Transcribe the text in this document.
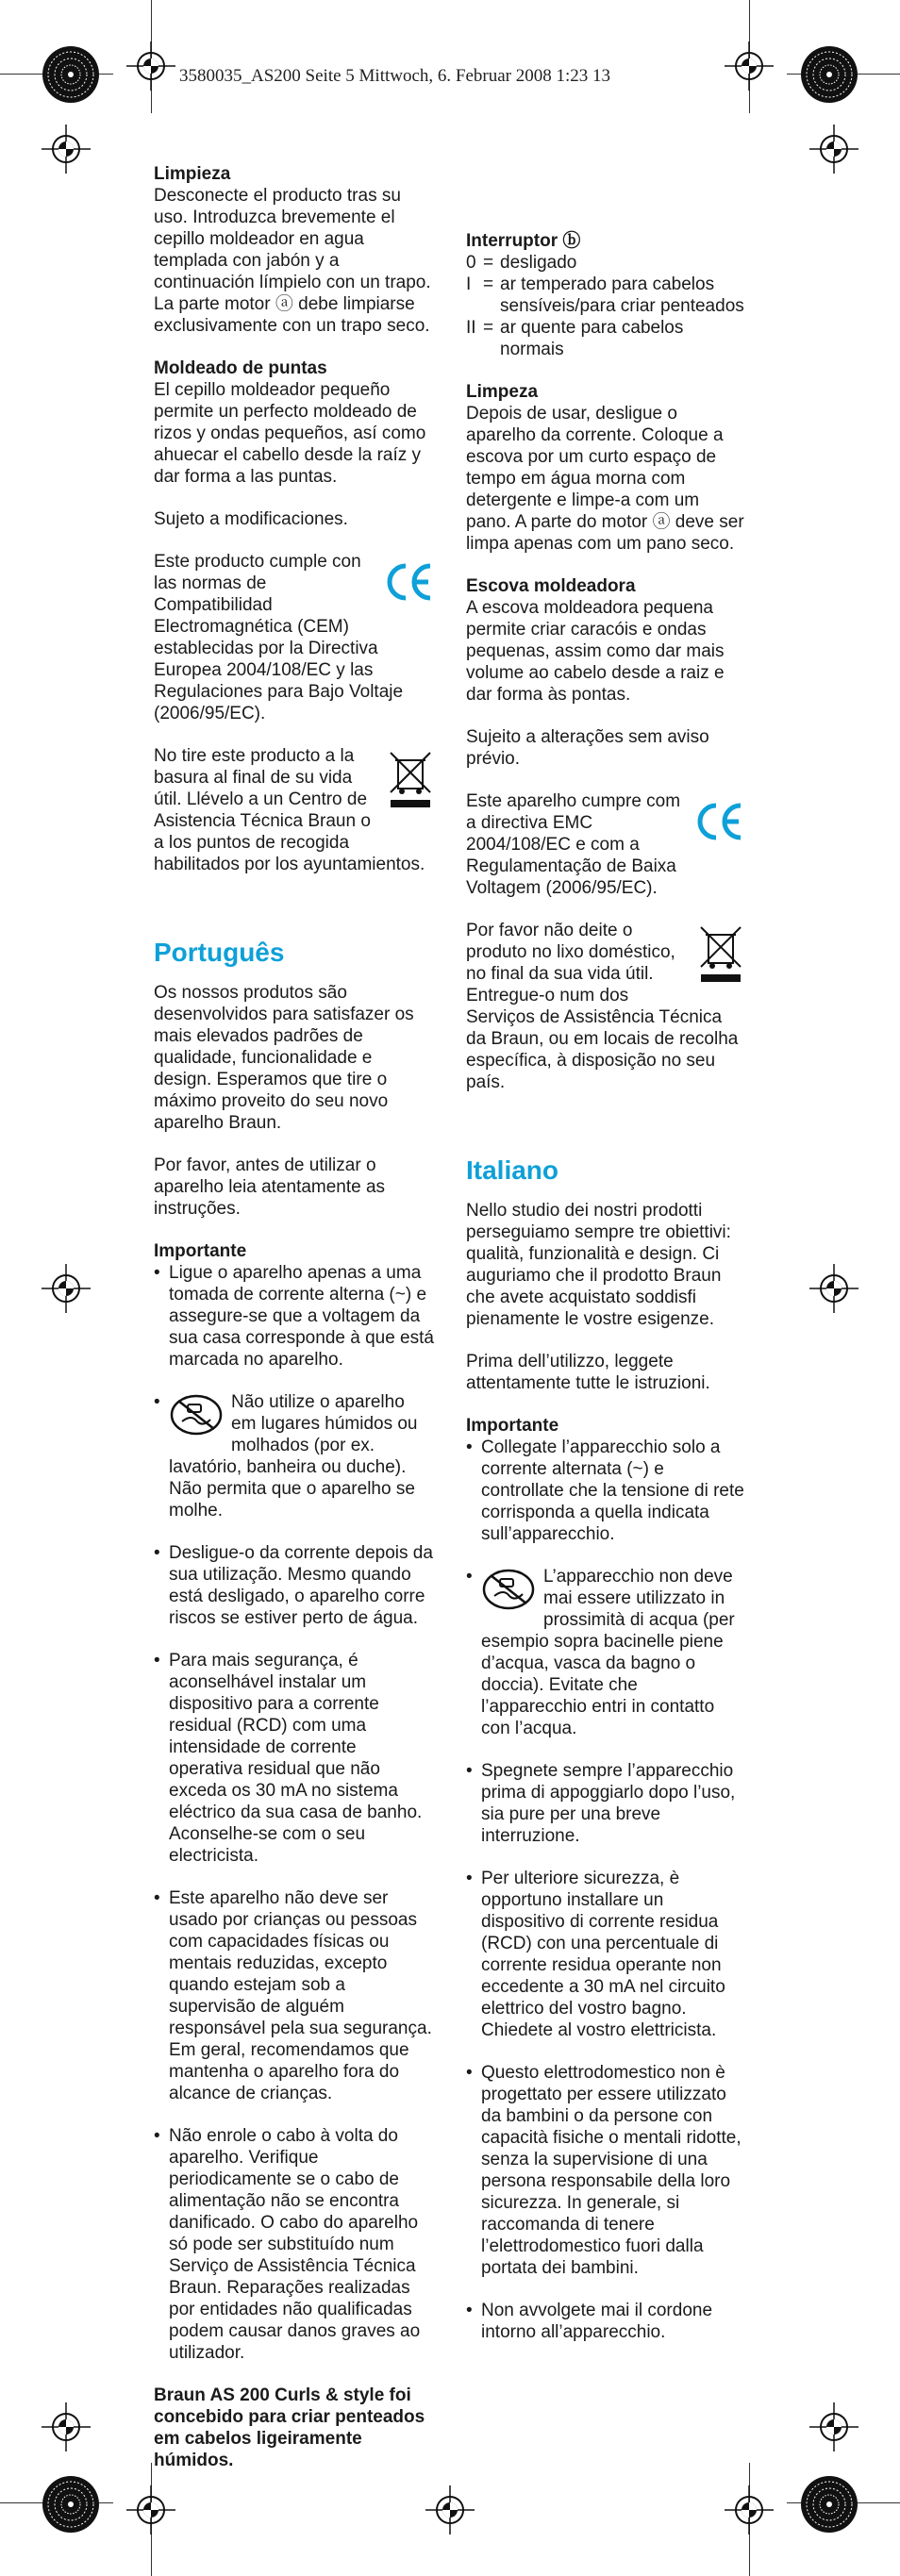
3580035_AS200 Seite 5 Mittwoch, 6. Februar 2008 1:23 13

Limpieza
Desconecte el producto tras su uso. Introduzca brevemente el cepillo moldeador en agua templada con jabón y a continuación límpielo con un trapo. La parte motor ⓐ debe limpiarse exclusivamente con un trapo seco.

Moldeado de puntas
El cepillo moldeador pequeño permite un perfecto moldeado de rizos y ondas pequeños, así como ahuecar el cabello desde la raíz y dar forma a las puntas.

Sujeto a modificaciones.

Este producto cumple con las normas de Compatibilidad Electromagnética (CEM) establecidas por la Directiva Europea 2004/108/EC y las Regulaciones para Bajo Voltaje (2006/95/EC).

No tire este producto a la basura al final de su vida útil. Llévelo a un Centro de Asistencia Técnica Braun o a los puntos de recogida habilitados por los ayuntamientos.

Português

Os nossos produtos são desenvolvidos para satisfazer os mais elevados padrões de qualidade, funcionalidade e design. Esperamos que tire o máximo proveito do seu novo aparelho Braun.

Por favor, antes de utilizar o aparelho leia atentamente as instruções.

Importante
• Ligue o aparelho apenas a uma tomada de corrente alterna (~) e assegure-se que a voltagem da sua casa corresponde à que está marcada no aparelho.
• Não utilize o aparelho em lugares húmidos ou molhados (por ex. lavatório, banheira ou duche). Não permita que o aparelho se molhe.
• Desligue-o da corrente depois da sua utilização. Mesmo quando está desligado, o aparelho corre riscos se estiver perto de água.
• Para mais segurança, é aconselhável instalar um dispositivo para a corrente residual (RCD) com uma intensidade de corrente operativa residual que não exceda os 30 mA no sistema eléctrico da sua casa de banho. Aconselhe-se com o seu electricista.
• Este aparelho não deve ser usado por crianças ou pessoas com capacidades físicas ou mentais reduzidas, excepto quando estejam sob a supervisão de alguém responsável pela sua segurança. Em geral, recomendamos que mantenha o aparelho fora do alcance de crianças.
• Não enrole o cabo à volta do aparelho. Verifique periodicamente se o cabo de alimentação não se encontra danificado. O cabo do aparelho só pode ser substituído num Serviço de Assistência Técnica Braun. Reparações realizadas por entidades não qualificadas podem causar danos graves ao utilizador.

Braun AS 200 Curls & style foi concebido para criar penteados em cabelos ligeiramente húmidos.

Interruptor ⓑ
0 = desligado
I = ar temperado para cabelos sensíveis/para criar penteados
II = ar quente para cabelos normais

Limpeza
Depois de usar, desligue o aparelho da corrente. Coloque a escova por um curto espaço de tempo em água morna com detergente e limpe-a com um pano. A parte do motor ⓐ deve ser limpa apenas com um pano seco.

Escova moldeadora
A escova moldeadora pequena permite criar caracóis e ondas pequenas, assim como dar mais volume ao cabelo desde a raiz e dar forma às pontas.

Sujeito a alterações sem aviso prévio.

Este aparelho cumpre com a directiva EMC 2004/108/EC e com a Regulamentação de Baixa Voltagem (2006/95/EC).

Por favor não deite o produto no lixo doméstico, no final da sua vida útil. Entregue-o num dos Serviços de Assistência Técnica da Braun, ou em locais de recolha específica, à disposição no seu país.

Italiano

Nello studio dei nostri prodotti perseguiamo sempre tre obiettivi: qualità, funzionalità e design. Ci auguriamo che il prodotto Braun che avete acquistato soddisfi pienamente le vostre esigenze.

Prima dell’utilizzo, leggete attentamente tutte le istruzioni.

Importante
• Collegate l’apparecchio solo a corrente alternata (~) e controllate che la tensione di rete corrisponda a quella indicata sull’apparecchio.
• L’apparecchio non deve mai essere utilizzato in prossimità di acqua (per esempio sopra bacinelle piene d’acqua, vasca da bagno o doccia). Evitate che l’apparecchio entri in contatto con l’acqua.
• Spegnete sempre l’apparecchio prima di appoggiarlo dopo l’uso, sia pure per una breve interruzione.
• Per ulteriore sicurezza, è opportuno installare un dispositivo di corrente residua (RCD) con una percentuale di corrente residua operante non eccedente a 30 mA nel circuito elettrico del vostro bagno. Chiedete al vostro elettricista.
• Questo elettrodomestico non è progettato per essere utilizzato da bambini o da persone con capacità fisiche o mentali ridotte, senza la supervisione di una persona responsabile della loro sicurezza. In generale, si raccomanda di tenere l’elettrodomestico fuori dalla portata dei bambini.
• Non avvolgete mai il cordone intorno all’apparecchio.
